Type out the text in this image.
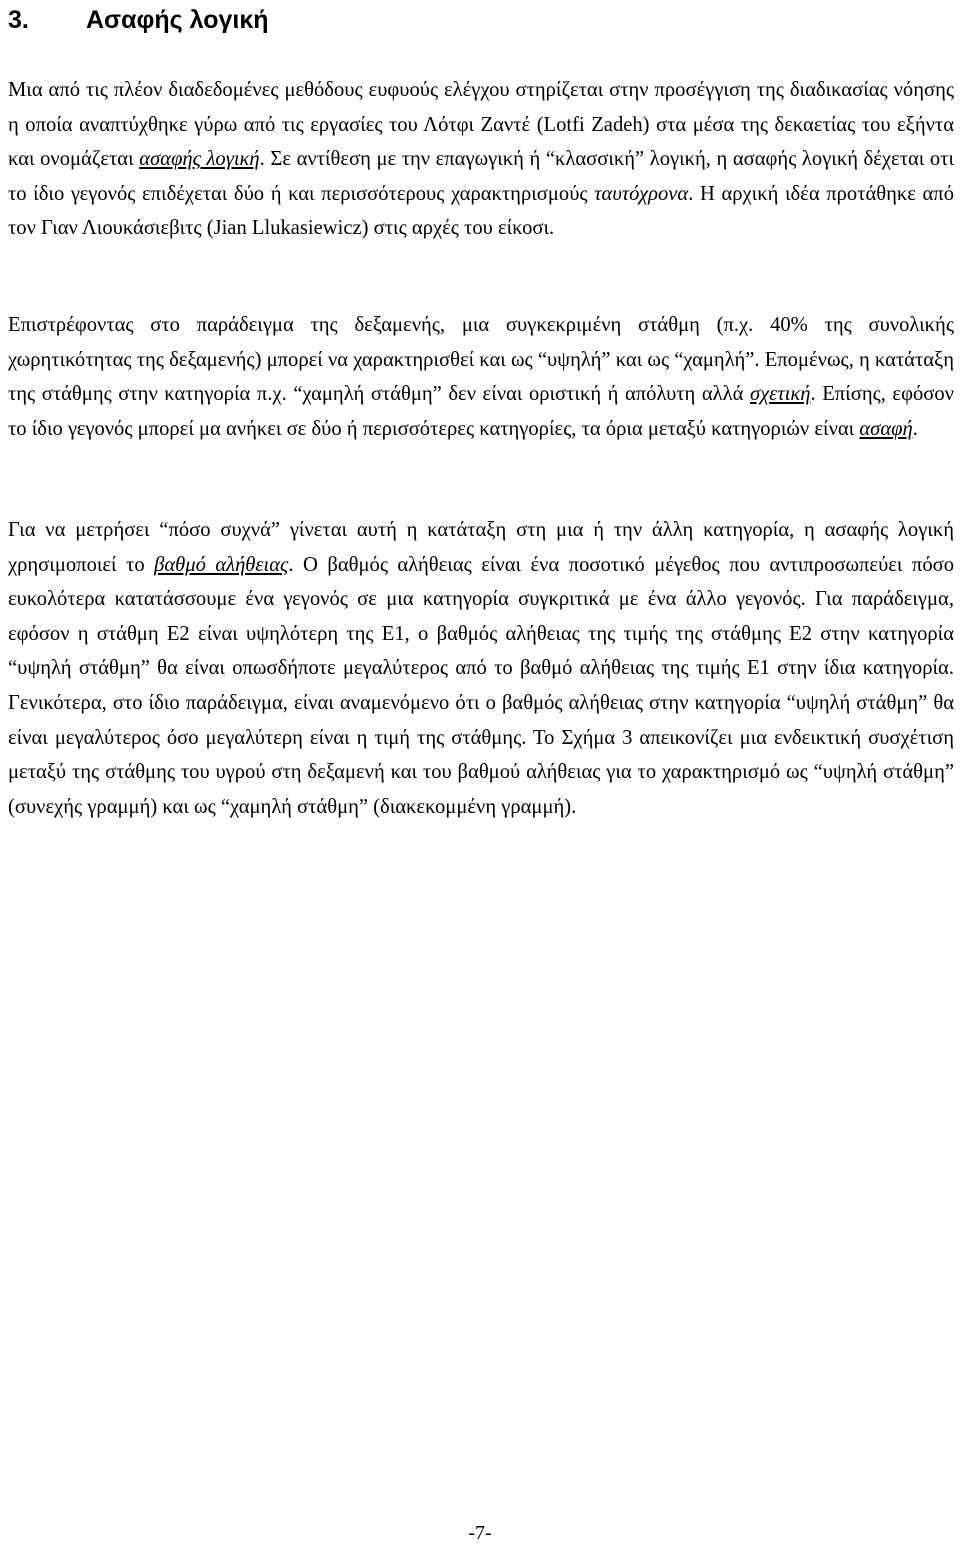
3. Ασαφής λογική

Μια από τις πλέον διαδεδομένες μεθόδους ευφυούς ελέγχου στηρίζεται στην προσέγγιση της διαδικασίας νόησης η οποία αναπτύχθηκε γύρω από τις εργασίες του Λότφι Ζαντέ (Lotfi Zadeh) στα μέσα της δεκαετίας του εξήντα και ονομάζεται ασαφής λογική. Σε αντίθεση με την επαγωγική ή “κλασσική” λογική, η ασαφής λογική δέχεται οτι το ίδιο γεγονός επιδέχεται δύο ή και περισσότερους χαρακτηρισμούς ταυτόχρονα. Η αρχική ιδέα προτάθηκε από τον Γιαν Λιουκάσιεβιτς (Jian Llukasiewicz) στις αρχές του είκοσι.

Επιστρέφοντας στο παράδειγμα της δεξαμενής, μια συγκεκριμένη στάθμη (π.χ. 40% της συνολικής χωρητικότητας της δεξαμενής) μπορεί να χαρακτηρισθεί και ως “υψηλή” και ως “χαμηλή”. Επομένως, η κατάταξη της στάθμης στην κατηγορία π.χ. “χαμηλή στάθμη” δεν είναι οριστική ή απόλυτη αλλά σχετική. Επίσης, εφόσον το ίδιο γεγονός μπορεί μα ανήκει σε δύο ή περισσότερες κατηγορίες, τα όρια μεταξύ κατηγοριών είναι ασαφή.

Για να μετρήσει “πόσο συχνά” γίνεται αυτή η κατάταξη στη μια ή την άλλη κατηγορία, η ασαφής λογική χρησιμοποιεί το βαθμό αλήθειας. Ο βαθμός αλήθειας είναι ένα ποσοτικό μέγεθος που αντιπροσωπεύει πόσο ευκολότερα κατατάσσουμε ένα γεγονός σε μια κατηγορία συγκριτικά με ένα άλλο γεγονός. Για παράδειγμα, εφόσον η στάθμη Ε2 είναι υψηλότερη της Ε1, ο βαθμός αλήθειας της τιμής της στάθμης Ε2 στην κατηγορία “υψηλή στάθμη” θα είναι οπωσδήποτε μεγαλύτερος από το βαθμό αλήθειας της τιμής Ε1 στην ίδια κατηγορία. Γενικότερα, στο ίδιο παράδειγμα, είναι αναμενόμενο ότι ο βαθμός αλήθειας στην κατηγορία “υψηλή στάθμη” θα είναι μεγαλύτερος όσο μεγαλύτερη είναι η τιμή της στάθμης. Το Σχήμα 3 απεικονίζει μια ενδεικτική συσχέτιση μεταξύ της στάθμης του υγρού στη δεξαμενή και του βαθμού αλήθειας για το χαρακτηρισμό ως “υψηλή στάθμη” (συνεχής γραμμή) και ως “χαμηλή στάθμη” (διακεκομμένη γραμμή).

-7-
